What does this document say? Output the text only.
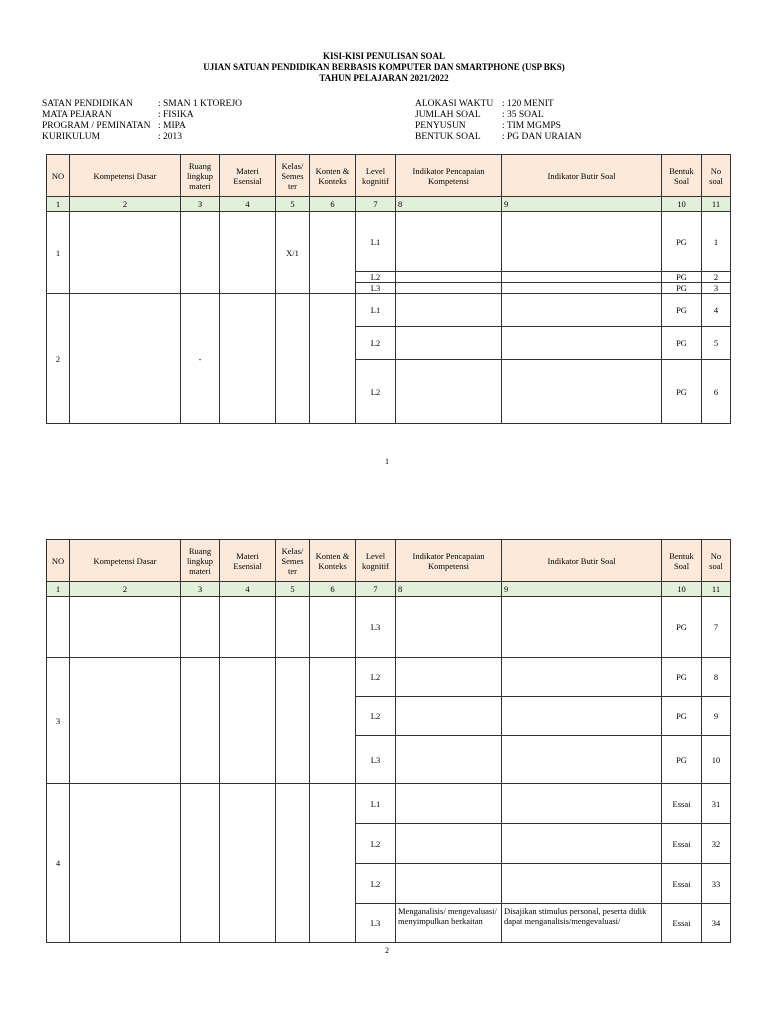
KISI-KISI PENULISAN SOAL
UJIAN SATUAN PENDIDIKAN BERBASIS KOMPUTER DAN SMARTPHONE (USP BKS)
TAHUN PELAJARAN 2021/2022
SATAN PENDIDIKAN	: SMAN 1 KTOREJO
MATA PEJARAN	: FISIKA
PROGRAM / PEMINATAN : MIPA
KURIKULUM	: 2013
ALOKASI WAKTU : 120 MENIT
JUMLAH SOAL : 35 SOAL
PENYUSUN	: TIM MGMPS
BENTUK SOAL : PG DAN URAIAN
NO	Kompetensi Dasar	Ruang lingkup materi	Materi Esensial	Kelas/ Semes ter	Konten & Konteks	Level kognitif	Indikator Pencapaian Kompetensi	Indikator Butir Soal	Bentuk Soal	No soal
1	2	3	4	5	6	7	8	9	10	11
1				X/1		L1			PG	1
						L2			PG	2
						L3			PG	3
2		-				L1			PG	4
						L2			PG	5
						L2			PG	6
1
NO	Kompetensi Dasar	Ruang lingkup materi	Materi Esensial	Kelas/ Semes ter	Konten & Konteks	Level kognitif	Indikator Pencapaian Kompetensi	Indikator Butir Soal	Bentuk Soal	No soal
1	2	3	4	5	6	7	8	9	10	11
						L3			PG	7
3						L2			PG	8
						L2			PG	9
						L3			PG	10
4						L1			Essai	31
						L2			Essai	32
						L2			Essai	33
						L3	Menganalisis/ mengevaluasi/ menyimpulkan berkaitan	Disajikan stimulus personal, peserta didik dapat menganalisis/mengevaluasi/	Essai	34
2
